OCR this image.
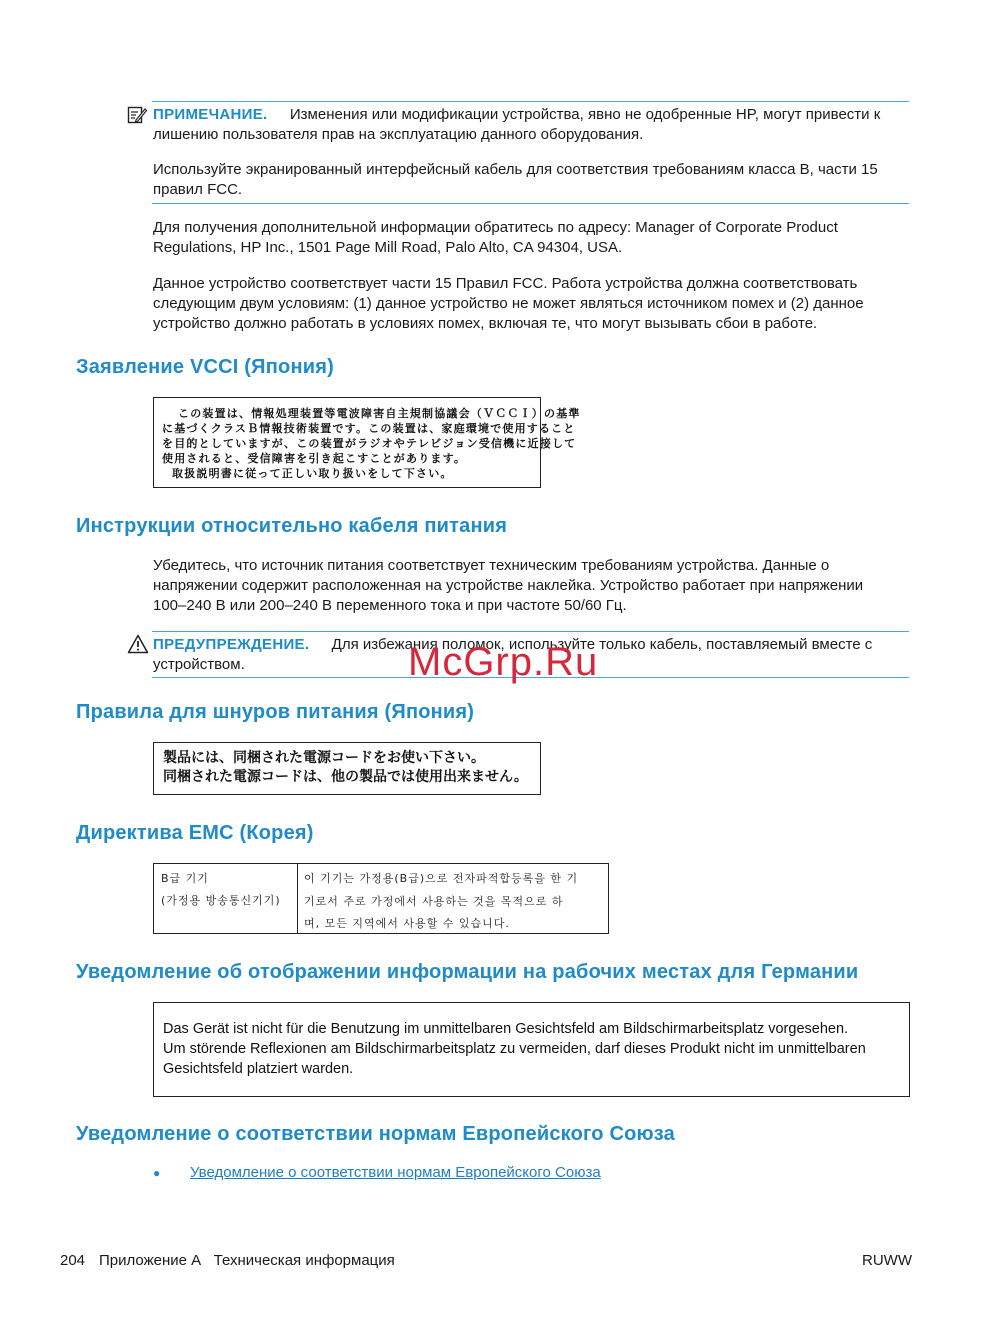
ПРИМЕЧАНИЕ. Изменения или модификации устройства, явно не одобренные HP, могут привести к
лишению пользователя прав на эксплуатацию данного оборудования.
Используйте экранированный интерфейсный кабель для соответствия требованиям класса B, части 15
правил FCC.
Для получения дополнительной информации обратитесь по адресу: Manager of Corporate Product
Regulations, HP Inc., 1501 Page Mill Road, Palo Alto, CA 94304, USA.
Данное устройство соответствует части 15 Правил FCC. Работа устройства должна соответствовать
следующим двум условиям: (1) данное устройство не может являться источником помех и (2) данное
устройство должно работать в условиях помех, включая те, что могут вызывать сбои в работе.
Заявление VCCI (Япония)
この装置は、情報処理装置等電波障害自主規制協議会（ＶＣＣＩ）の基準
に基づくクラスＢ情報技術装置です。この装置は、家庭環境で使用すること
を目的としていますが、この装置がラジオやテレビジョン受信機に近接して
使用されると、受信障害を引き起こすことがあります。
取扱説明書に従って正しい取り扱いをして下さい。
Инструкции относительно кабеля питания
Убедитесь, что источник питания соответствует техническим требованиям устройства. Данные о
напряжении содержит расположенная на устройстве наклейка. Устройство работает при напряжении
100–240 В или 200–240 В переменного тока и при частоте 50/60 Гц.
ПРЕДУПРЕЖДЕНИЕ. Для избежания поломок, используйте только кабель, поставляемый вместе с
устройством.	McGrp.Ru
Правила для шнуров питания (Япония)
製品には、同梱された電源コードをお使い下さい。
同梱された電源コードは、他の製品では使用出来ません。
Директива EMC (Корея)
B급 기기
(가정용 방송통신기기)
이 기기는 가정용(B급)으로 전자파적합등록을 한 기
기로서 주로 가정에서 사용하는 것을 목적으로 하
며, 모든 지역에서 사용할 수 있습니다.
Уведомление об отображении информации на рабочих местах для Германии
Das Gerät ist nicht für die Benutzung im unmittelbaren Gesichtsfeld am Bildschirmarbeitsplatz vorgesehen.
Um störende Reflexionen am Bildschirmarbeitsplatz zu vermeiden, darf dieses Produkt nicht im unmittelbaren
Gesichtsfeld platziert warden.
Уведомление о соответствии нормам Европейского Союза
● Уведомление о соответствии нормам Европейского Союза
204 Приложение А   Техническая информация	RUWW
